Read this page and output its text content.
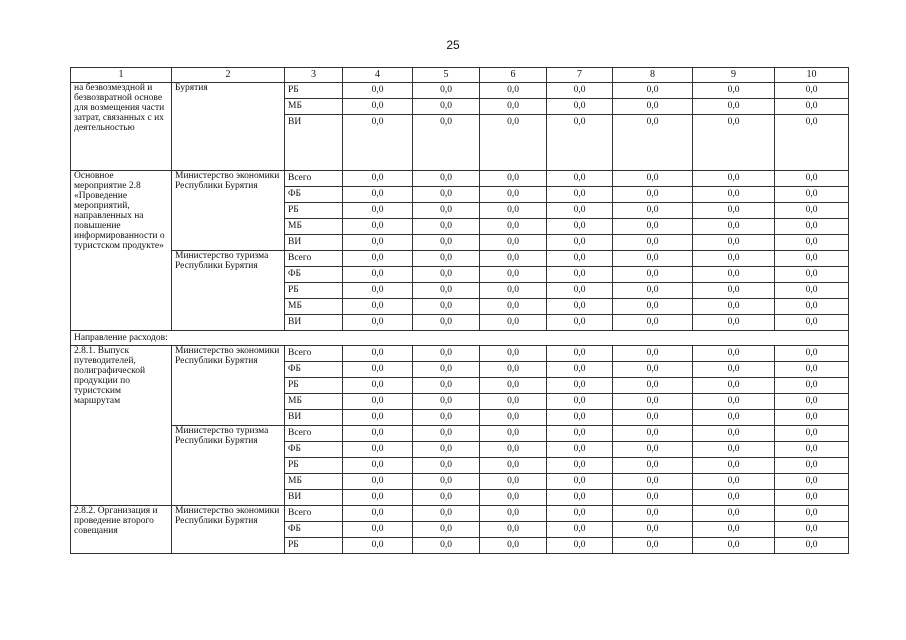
25
1	2	3	4	5	6	7	8	9	10
на безвозмездной и безвозвратной основе для возмещения части затрат, связанных с их деятельностью	Бурятия	РБ	0,0	0,0	0,0	0,0	0,0	0,0	0,0
		МБ	0,0	0,0	0,0	0,0	0,0	0,0	0,0
		ВИ	0,0	0,0	0,0	0,0	0,0	0,0	0,0
Основное мероприятие 2.8 «Проведение мероприятий, направленных на повышение информированности о туристском продукте»	Министерство экономики Республики Бурятия	Всего	0,0	0,0	0,0	0,0	0,0	0,0	0,0
		ФБ	0,0	0,0	0,0	0,0	0,0	0,0	0,0
		РБ	0,0	0,0	0,0	0,0	0,0	0,0	0,0
		МБ	0,0	0,0	0,0	0,0	0,0	0,0	0,0
		ВИ	0,0	0,0	0,0	0,0	0,0	0,0	0,0
	Министерство туризма Республики Бурятия	Всего	0,0	0,0	0,0	0,0	0,0	0,0	0,0
		ФБ	0,0	0,0	0,0	0,0	0,0	0,0	0,0
		РБ	0,0	0,0	0,0	0,0	0,0	0,0	0,0
		МБ	0,0	0,0	0,0	0,0	0,0	0,0	0,0
		ВИ	0,0	0,0	0,0	0,0	0,0	0,0	0,0
Направление расходов:									
2.8.1. Выпуск путеводителей, полиграфической продукции по туристским маршрутам	Министерство экономики Республики Бурятия	Всего	0,0	0,0	0,0	0,0	0,0	0,0	0,0
		ФБ	0,0	0,0	0,0	0,0	0,0	0,0	0,0
		РБ	0,0	0,0	0,0	0,0	0,0	0,0	0,0
		МБ	0,0	0,0	0,0	0,0	0,0	0,0	0,0
		ВИ	0,0	0,0	0,0	0,0	0,0	0,0	0,0
	Министерство туризма Республики Бурятия	Всего	0,0	0,0	0,0	0,0	0,0	0,0	0,0
		ФБ	0,0	0,0	0,0	0,0	0,0	0,0	0,0
		РБ	0,0	0,0	0,0	0,0	0,0	0,0	0,0
		МБ	0,0	0,0	0,0	0,0	0,0	0,0	0,0
		ВИ	0,0	0,0	0,0	0,0	0,0	0,0	0,0
2.8.2. Организация и проведение второго совещания	Министерство экономики Республики Бурятия	Всего	0,0	0,0	0,0	0,0	0,0	0,0	0,0
		ФБ	0,0	0,0	0,0	0,0	0,0	0,0	0,0
		РБ	0,0	0,0	0,0	0,0	0,0	0,0	0,0
